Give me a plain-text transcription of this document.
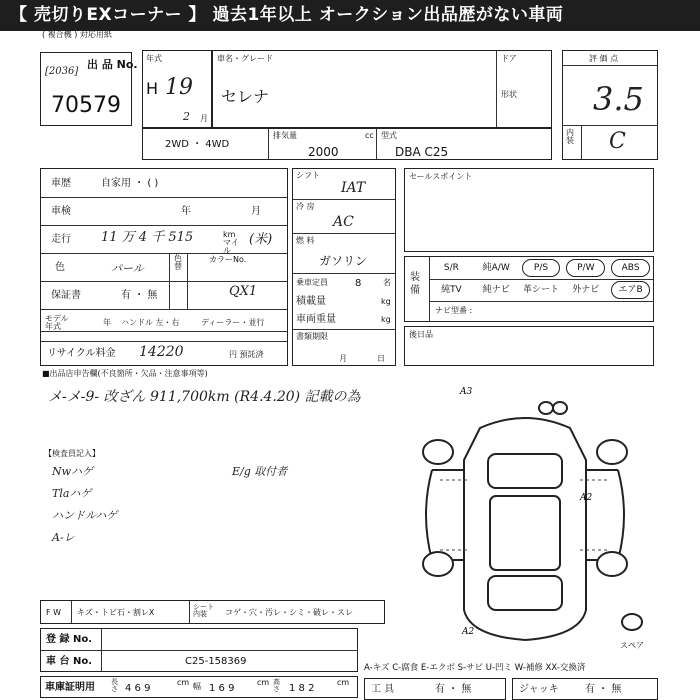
【 売切りEXコーナー 】 過去1年以上 オークション出品歴がない車両
( 複合機 ) 対応用紙
出 品 No.
[2036]
70579
年式
H 19
2 月
車名・グレード
セレナ
ドア
形状
2WD ・ 4WD
排気量	cc
2000
型式
DBA C25
評 価 点
3.5
内装 C
車歴	自家用 ・ ( )
車検	年	月
走行 11 万 4 千 515	km マイル
(米)
色	パール
色替
カラーNo.
QX1
保証書	有 ・ 無
モデル年式	年 ハンドル 左・右	ディーラー・並行
リサイクル料金 14220	円 預託済
シフト
IAT
冷 房
AC
燃 料
ガソリン
乗車定員	8	名
積載量	kg
車両重量	kg
書類期限
月	日
セールスポイント
装備
S/R	純A/W	P/S	P/W	ABS
純TV	純ナビ	革シート	外ナビ	エアB
ナビ型番 :
後日品
■出品店申告欄(不良箇所・欠品・注意事項等)
メ-メ-9- 改ざん 911,700km (R4.4.20) 記載の為
【検査員記入】
Nwハゲ
Tlaハゲ
ハンドルハゲ
A-レ
E/g 取付者
A3
A2
A2
スペア
F W キズ・トビ石・割レX
シート内装	コゲ・穴・汚レ・シミ・破レ・スレ
登 録 No.
車 台 No.	C25-158369
車庫証明用 長さ 4 6 9
cm 幅 1 6 9
cm 高さ 1 8 2
cm
A-キズ C-腐食 E-エクボ S-サビ U-凹ミ W-補修 XX-交換済
工 具	有 ・ 無	ジャッキ	有 ・ 無
